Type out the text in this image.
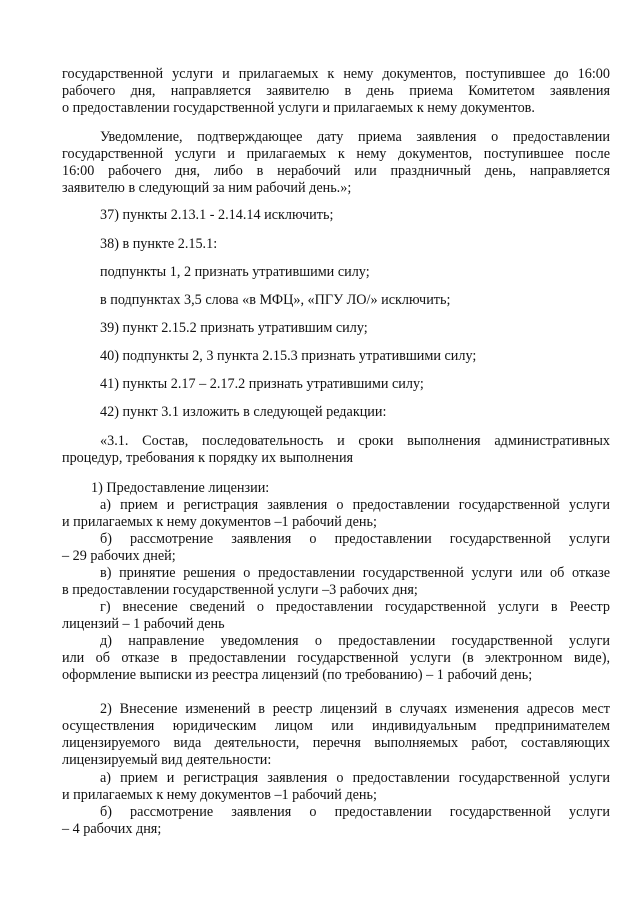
государственной услуги и прилагаемых к нему документов, поступившее до 16:00
рабочего дня, направляется заявителю в день приема Комитетом заявления
о предоставлении государственной услуги и прилагаемых к нему документов.
Уведомление, подтверждающее дату приема заявления о предоставлении
государственной услуги и прилагаемых к нему документов, поступившее после
16:00 рабочего дня, либо в нерабочий или праздничный день, направляется
заявителю в следующий за ним рабочий день.»;
37) пункты 2.13.1 - 2.14.14 исключить;
38) в пункте 2.15.1:
подпункты 1, 2 признать утратившими силу;
в подпунктах 3,5 слова «в МФЦ», «ПГУ ЛО/» исключить;
39) пункт 2.15.2 признать утратившим силу;
40) подпункты 2, 3 пункта 2.15.3 признать утратившими силу;
41) пункты 2.17 – 2.17.2 признать утратившими силу;
42) пункт 3.1 изложить в следующей редакции:
«3.1. Состав, последовательность и сроки выполнения административных
процедур, требования к порядку их выполнения
1) Предоставление лицензии:
а) прием и регистрация заявления о предоставлении государственной услуги
и прилагаемых к нему документов –1 рабочий день;
б) рассмотрение заявления о предоставлении государственной услуги
– 29 рабочих дней;
в) принятие решения о предоставлении государственной услуги или об отказе
в предоставлении государственной услуги –3 рабочих дня;
г) внесение сведений о предоставлении государственной услуги в Реестр
лицензий – 1 рабочий день
д) направление уведомления о предоставлении государственной услуги
или об отказе в предоставлении государственной услуги (в электронном виде),
оформление выписки из реестра лицензий (по требованию) – 1 рабочий день;
2) Внесение изменений в реестр лицензий в случаях изменения адресов мест
осуществления юридическим лицом или индивидуальным предпринимателем
лицензируемого вида деятельности, перечня выполняемых работ, составляющих
лицензируемый вид деятельности:
а) прием и регистрация заявления о предоставлении государственной услуги
и прилагаемых к нему документов –1 рабочий день;
б) рассмотрение заявления о предоставлении государственной услуги
– 4 рабочих дня;
